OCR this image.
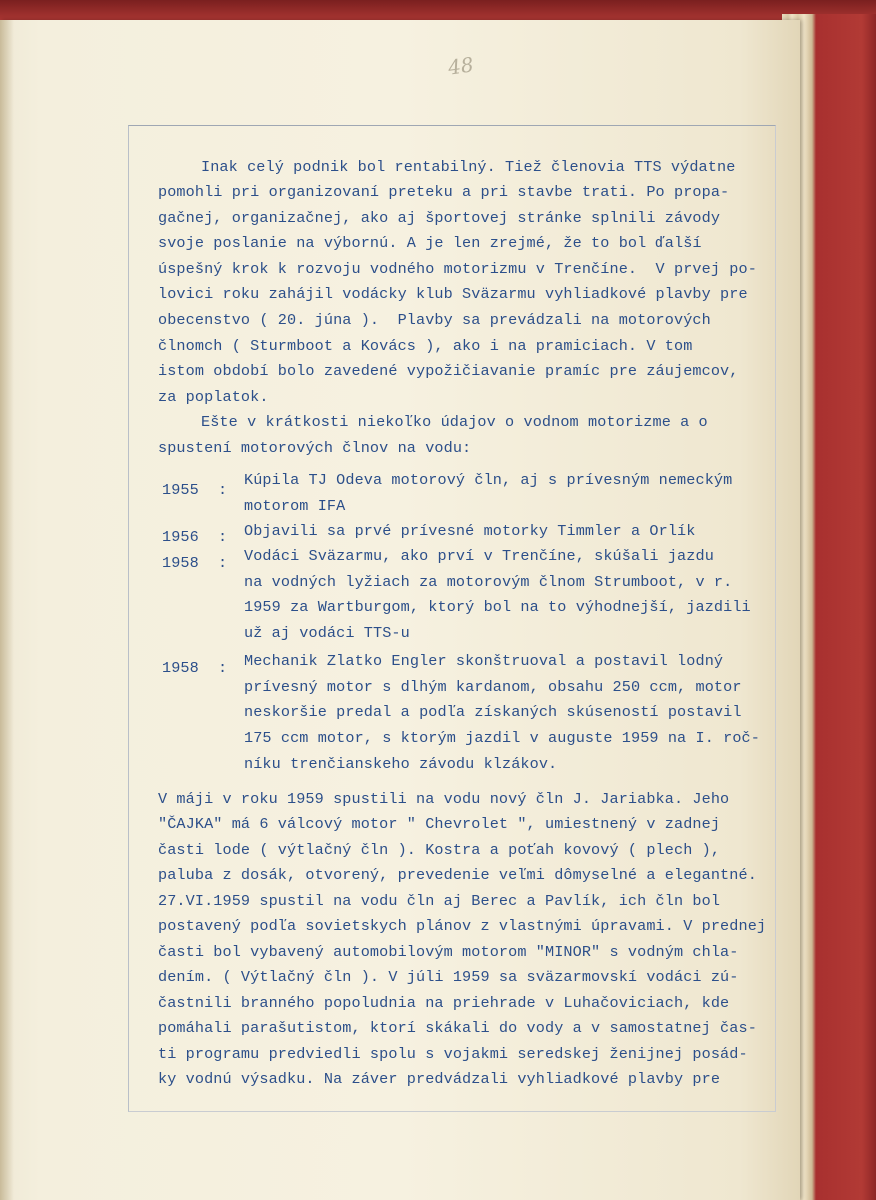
48
Inak celý podnik bol rentabilný. Tiež členovia TTS výdatne
pomohli pri organizovaní preteku a pri stavbe trati. Po propa-
gačnej, organizačnej, ako aj športovej stránke splnili závody
svoje poslanie na výbornú. A je len zrejmé, že to bol ďalší
úspešný krok k rozvoju vodného motorizmu v Trenčíne.  V prvej po-
lovici roku zahájil vodácky klub Sväzarmu vyhliadkové plavby pre
obecenstvo ( 20. júna ).  Plavby sa prevádzali na motorových
člnomch ( Sturmboot a Kovács ), ako i na pramiciach. V tom
istom období bolo zavedené vypožičiavanie pramíc pre záujemcov,
za poplatok.
Ešte v krátkosti niekoľko údajov o vodnom motorizme a o
spustení motorových člnov na vodu:
1955 :
Kúpila TJ Odeva motorový čln, aj s prívesným nemeckým
motorom IFA
1956 : Objavili sa prvé prívesné motorky Timmler a Orlík
1958 : Vodáci Sväzarmu, ako prví v Trenčíne, skúšali jazdu
na vodných lyžiach za motorovým člnom Strumboot, v r.
1959 za Wartburgom, ktorý bol na to výhodnejší, jazdili
už aj vodáci TTS-u
1958 : Mechanik Zlatko Engler skonštruoval a postavil lodný
prívesný motor s dlhým kardanom, obsahu 250 ccm, motor
neskoršie predal a podľa získaných skúseností postavil
175 ccm motor, s ktorým jazdil v auguste 1959 na I. roč-
níku trenčianskeho závodu klzákov.
V máji v roku 1959 spustili na vodu nový čln J. Jariabka. Jeho
"ČAJKA" má 6 válcový motor " Chevrolet ", umiestnený v zadnej
časti lode ( výtlačný čln ). Kostra a poťah kovový ( plech ),
paluba z dosák, otvorený, prevedenie veľmi dômyselné a elegantné.
27.VI.1959 spustil na vodu čln aj Berec a Pavlík, ich čln bol
postavený podľa sovietskych plánov z vlastnými úpravami. V prednej
časti bol vybavený automobilovým motorom "MINOR" s vodným chla-
dením. ( Výtlačný čln ). V júli 1959 sa sväzarmovskí vodáci zú-
častnili branného popoludnia na priehrade v Luhačoviciach, kde
pomáhali parašutistom, ktorí skákali do vody a v samostatnej čas-
ti programu predviedli spolu s vojakmi seredskej ženijnej posád-
ky vodnú výsadku. Na záver predvádzali vyhliadkové plavby pre
